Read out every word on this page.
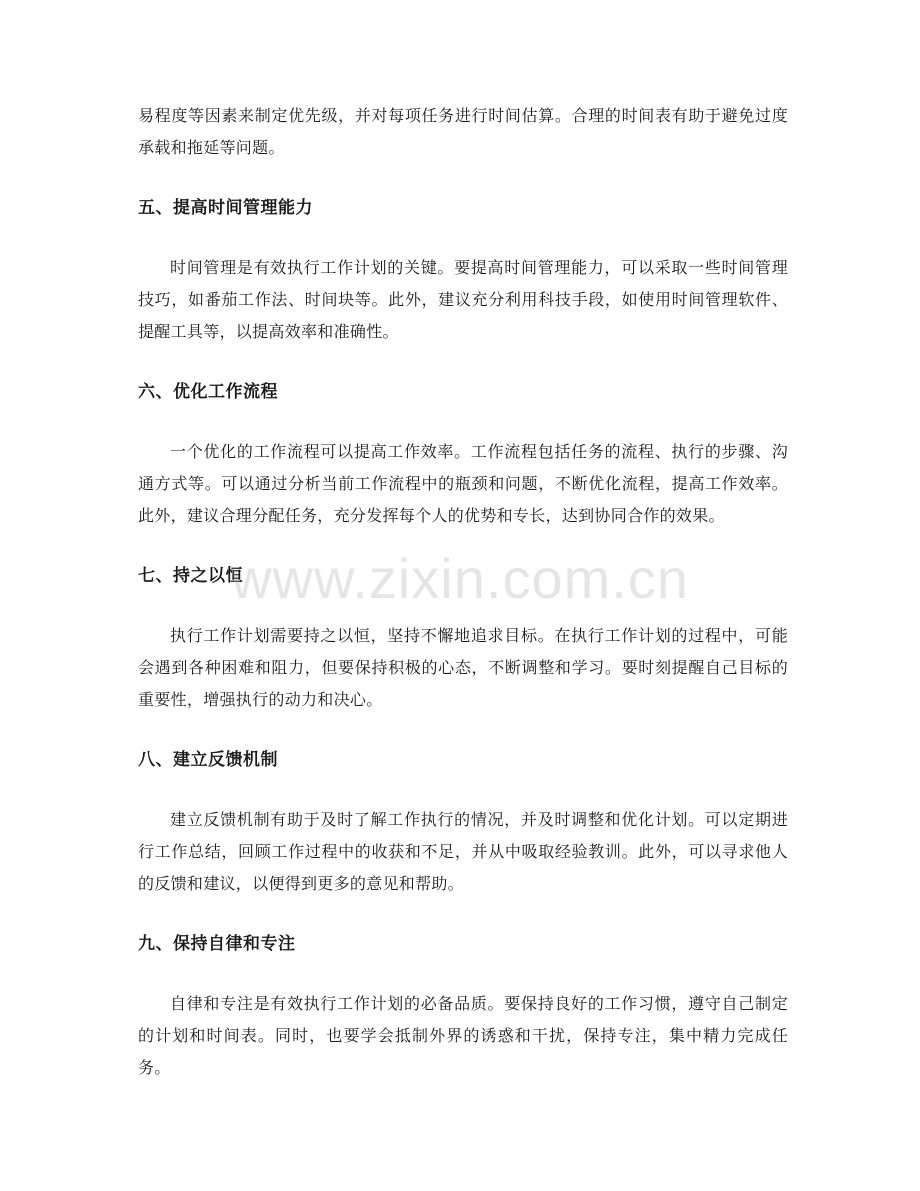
易程度等因素来制定优先级，并对每项任务进行时间估算。合理的时间表有助于避免过度承载和拖延等问题。

五、提高时间管理能力

时间管理是有效执行工作计划的关键。要提高时间管理能力，可以采取一些时间管理技巧，如番茄工作法、时间块等。此外，建议充分利用科技手段，如使用时间管理软件、提醒工具等，以提高效率和准确性。

六、优化工作流程

一个优化的工作流程可以提高工作效率。工作流程包括任务的流程、执行的步骤、沟通方式等。可以通过分析当前工作流程中的瓶颈和问题，不断优化流程，提高工作效率。此外，建议合理分配任务，充分发挥每个人的优势和专长，达到协同合作的效果。

七、持之以恒

执行工作计划需要持之以恒，坚持不懈地追求目标。在执行工作计划的过程中，可能会遇到各种困难和阻力，但要保持积极的心态，不断调整和学习。要时刻提醒自己目标的重要性，增强执行的动力和决心。

八、建立反馈机制

建立反馈机制有助于及时了解工作执行的情况，并及时调整和优化计划。可以定期进行工作总结，回顾工作过程中的收获和不足，并从中吸取经验教训。此外，可以寻求他人的反馈和建议，以便得到更多的意见和帮助。

九、保持自律和专注

自律和专注是有效执行工作计划的必备品质。要保持良好的工作习惯，遵守自己制定的计划和时间表。同时，也要学会抵制外界的诱惑和干扰，保持专注，集中精力完成任务。

www.zixin.com.cn
